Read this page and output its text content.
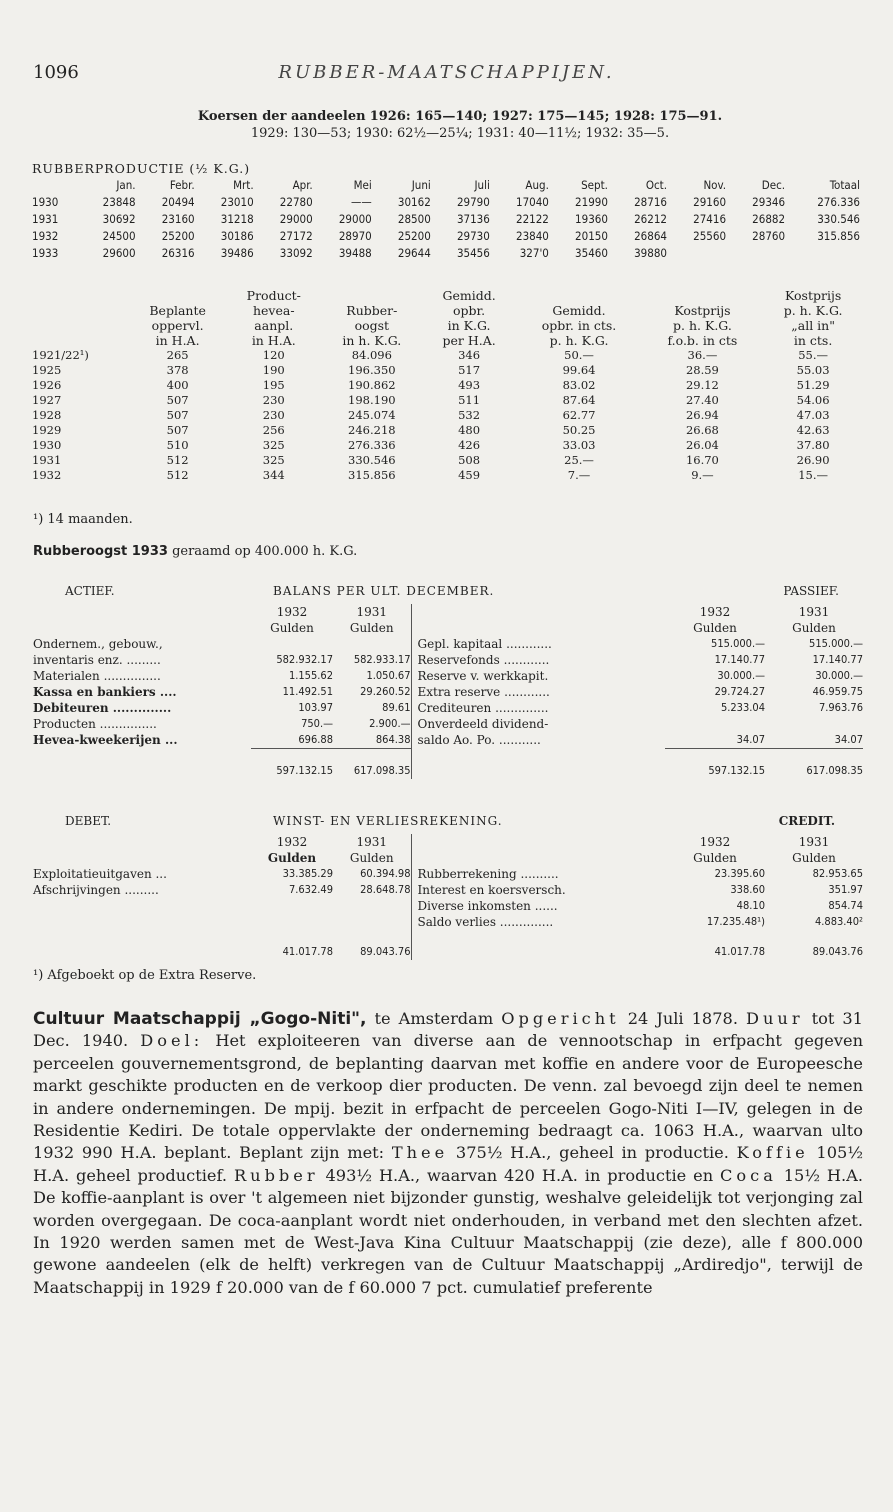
1096	RUBBER-MAATSCHAPPIJEN.
Koersen der aandeelen 1926: 165—140; 1927: 175—145; 1928: 175—91.
1929: 130—53; 1930: 62½—25¼; 1931: 40—11½; 1932: 35—5.
RUBBERPRODUCTIE (½ K.G.)													
	Jan.	Febr.	Mrt.	Apr.	Mei	Juni	Juli	Aug.	Sept.	Oct.	Nov.	Dec.	Totaal
1930	23848	20494	23010	22780	——	30162	29790	17040	21990	28716	29160	29346	276.336
1931	30692	23160	31218	29000	29000	28500	37136	22122	19360	26212	27416	26882	330.546
1932	24500	25200	30186	27172	28970	25200	29730	23840	20150	26864	25560	28760	315.856
1933	29600	26316	39486	33092	39488	29644	35456	327'0	35460	39880			
		Product-		Gemidd.			Kostprijs
	Beplante	hevea-	Rubber-	opbr.	Gemidd.	Kostprijs	p. h. K.G.
	oppervl.	aanpl.	oogst	in K.G.	opbr. in cts.	p. h. K.G.	„all in"
	in H.A.	in H.A.	in h. K.G.	per H.A.	p. h. K.G.	f.o.b. in cts	in cts.
1921/22¹)	265	120	84.096	346	50.—	36.—	55.—
1925	378	190	196.350	517	99.64	28.59	55.03
1926	400	195	190.862	493	83.02	29.12	51.29
1927	507	230	198.190	511	87.64	27.40	54.06
1928	507	230	245.074	532	62.77	26.94	47.03
1929	507	256	246.218	480	50.25	26.68	42.63
1930	510	325	276.336	426	33.03	26.04	37.80
1931	512	325	330.546	508	25.—	16.70	26.90
1932	512	344	315.856	459	7.—	9.—	15.—
¹) 14 maanden.
Rubberoogst 1933 geraamd op 400.000 h. K.G.
ACTIEF.	BALANS PER ULT. DECEMBER.	PASSIEF.
	1932	1931		1932	1931
	Gulden	Gulden		Gulden	Gulden
Ondernem., gebouw.,			Gepl. kapitaal ............	515.000.—	515.000.—
inventaris enz. .........	582.932.17	582.933.17	Reservefonds ............	17.140.77	17.140.77
Materialen ...............	1.155.62	1.050.67	Reserve v. werkkapit.	30.000.—	30.000.—
Kassa en bankiers ....	11.492.51	29.260.52	Extra reserve ............	29.724.27	46.959.75
Debiteuren ..............	103.97	89.61	Crediteuren ..............	5.233.04	7.963.76
Producten ...............	750.—	2.900.—	Onverdeeld dividend-		
Hevea-kweekerijen ...	696.88	864.38	saldo Ao. Po. ...........	34.07	34.07

	597.132.15	617.098.35		597.132.15	617.098.35
DEBET.	WINST- EN VERLIESREKENING.	CREDIT.
	1932	1931		1932	1931
	Gulden	Gulden		Gulden	Gulden
Exploitatieuitgaven ...	33.385.29	60.394.98	Rubberrekening ..........	23.395.60	82.953.65
Afschrijvingen .........	7.632.49	28.648.78	Interest en koersversch.	338.60	351.97
			Diverse inkomsten ......	48.10	854.74
			Saldo verlies ..............	17.235.48¹)	4.883.40²

	41.017.78	89.043.76		41.017.78	89.043.76
¹) Afgeboekt op de Extra Reserve.
Cultuur Maatschappij „Gogo-Niti", te Amsterdam Opgericht 24 Juli 1878. Duur tot 31 Dec. 1940. Doel: Het exploiteeren van diverse aan de vennootschap in erfpacht gegeven perceelen gouvernementsgrond, de beplanting daarvan met koffie en andere voor de Europeesche markt geschikte producten en de verkoop dier producten. De venn. zal bevoegd zijn deel te nemen in andere ondernemingen. De mpij. bezit in erfpacht de perceelen Gogo-Niti I—IV, gelegen in de Residentie Kediri. De totale oppervlakte der onderneming bedraagt ca. 1063 H.A., waarvan ulto 1932 990 H.A. beplant. Beplant zijn met: Thee 375½ H.A., geheel in productie. Koffie 105½ H.A. geheel productief. Rubber 493½ H.A., waarvan 420 H.A. in productie en Coca 15½ H.A. De koffie-aanplant is over 't algemeen niet bijzonder gunstig, weshalve geleidelijk tot verjonging zal worden overgegaan. De coca-aanplant wordt niet onderhouden, in verband met den slechten afzet. In 1920 werden samen met de West-Java Kina Cultuur Maatschappij (zie deze), alle f 800.000 gewone aandeelen (elk de helft) verkregen van de Cultuur Maatschappij „Ardiredjo", terwijl de Maatschappij in 1929 f 20.000 van de f 60.000 7 pct. cumulatief preferente
